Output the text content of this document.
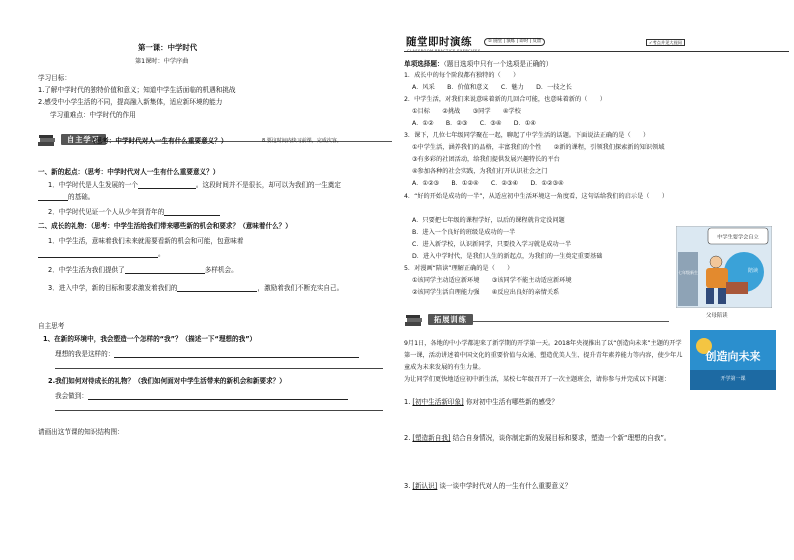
第一课：中学时代
第1课时：中学序曲
学习目标：
1.了解中学时代的独特价值和意义；知道中学生活面临的机遇和挑战
2.感受中小学生活的不同，提高融入新集体，适应新环境的能力
学习重难点：中学时代的作用
自主学习
（思考：中学时代对人一生有什么重要意义？）	8.要这时间内快习前课，完成次容。
一、新的起点：（思考：中学时代对人一生有什么重要意义？）
1．中学时代是人生发展的一个	。这段时间并不是很长，却可以为我们的一生奠定
的基础。
2．中学时代见证一个人从少年到青年的
二、成长的礼物：（思考：中学生活给我们带来哪些新的机会和要求？（意味着什么？）
1．中学生活，意味着我们未来就需要看新的机会和可能，包意味着
。
2．中学生活为我们提供了	多样机会。
3．进入中学，新的目标和要求激发着我们的	，激励着我们不断充实自己。
自主思考
1、在新的环境中，我会塑造一个怎样的“我”？（描述一下“理想的我”）
理想的我是这样的：
2.我们如何对待成长的礼物？（我们如何面对中学生活带来的新机会和新要求？）
我会做到：
请画出这节课的知识结构图：
随堂即时演练
CLASSROOM PRACTICE EXERCISES
② 随堂 | 演练 | 即时 | 反馈	✓考点并见大视同
单项选择题：（题目选项中只有一个选项是正确的）
1．成长中的每个阶段都有独特的（　　）
A．风采　　B．价值和意义　　C．魅力　　D．一技之长
2．中学生活，对我们来说意味着新的几回合可能，也意味着新的（　　）
①目标　　②挑战　　③同学　　④学校
A．①②　　B．②③　　C．③④　　D．①④
3．课下，几位七年级同学聚在一起，聊起了中学生活的话题。下面说法正确的是（　　）
①中学生活，涵养我们的品格，丰富我们的个性　　②新的课程，引领我们探索新的知识领域
③有多彩的社团活动，给我们提供发展兴趣特长的平台
④参加各种的社会实践，为我们打开认识社会之门
A．①②③　　B．①②④　　C．②③④　　D．①②③④
4．“好的开始是成功的一半”，从适应初中生活环境这一角度看，这句话给我们的启示是（　　）
A．只要把七年级的课程学好，以后的课程就肯定没问题
B．进入一个良好的班级是成功的一半
C．进入新学校，认识新同学，只要投入学习就是成功一半
D．进入中学时代，是我们人生的新起点，为我们的一生奠定重要基础
5．对漫画“陪读”理解正确的是（　　）
①该同学主动适应新环境　　③该同学不能主动适应新环境
②该同学生活自理能力强　　④反应出良好的亲情关系
中学生要学会自立
七年级新生	陪读
父母陪读
拓展训练
9月1日，各地的中小学都迎来了新学期的开学第一天。2018年央视推出了以“创造向未来”主题的开学第一课，活动讲述着中国文化的重要价值与众通、塑造优美人生、提升青年素养能力等内容，使少年儿童成为未来发展的有生力量。
为让同学们更快地适应初中新生活，某校七年级召开了一次主题班会，请你参与并完成以下问题：
创造向未来
开学第一课
1. [初中生活新印象] 你对初中生活有哪些新的感受？
2. [塑造新自我] 结合自身情况，谈你制定新的发展目标和要求，塑造一个新“理想的自我”。
3. [新认识] 谈一谈中学时代对人的一生有什么重要意义？
